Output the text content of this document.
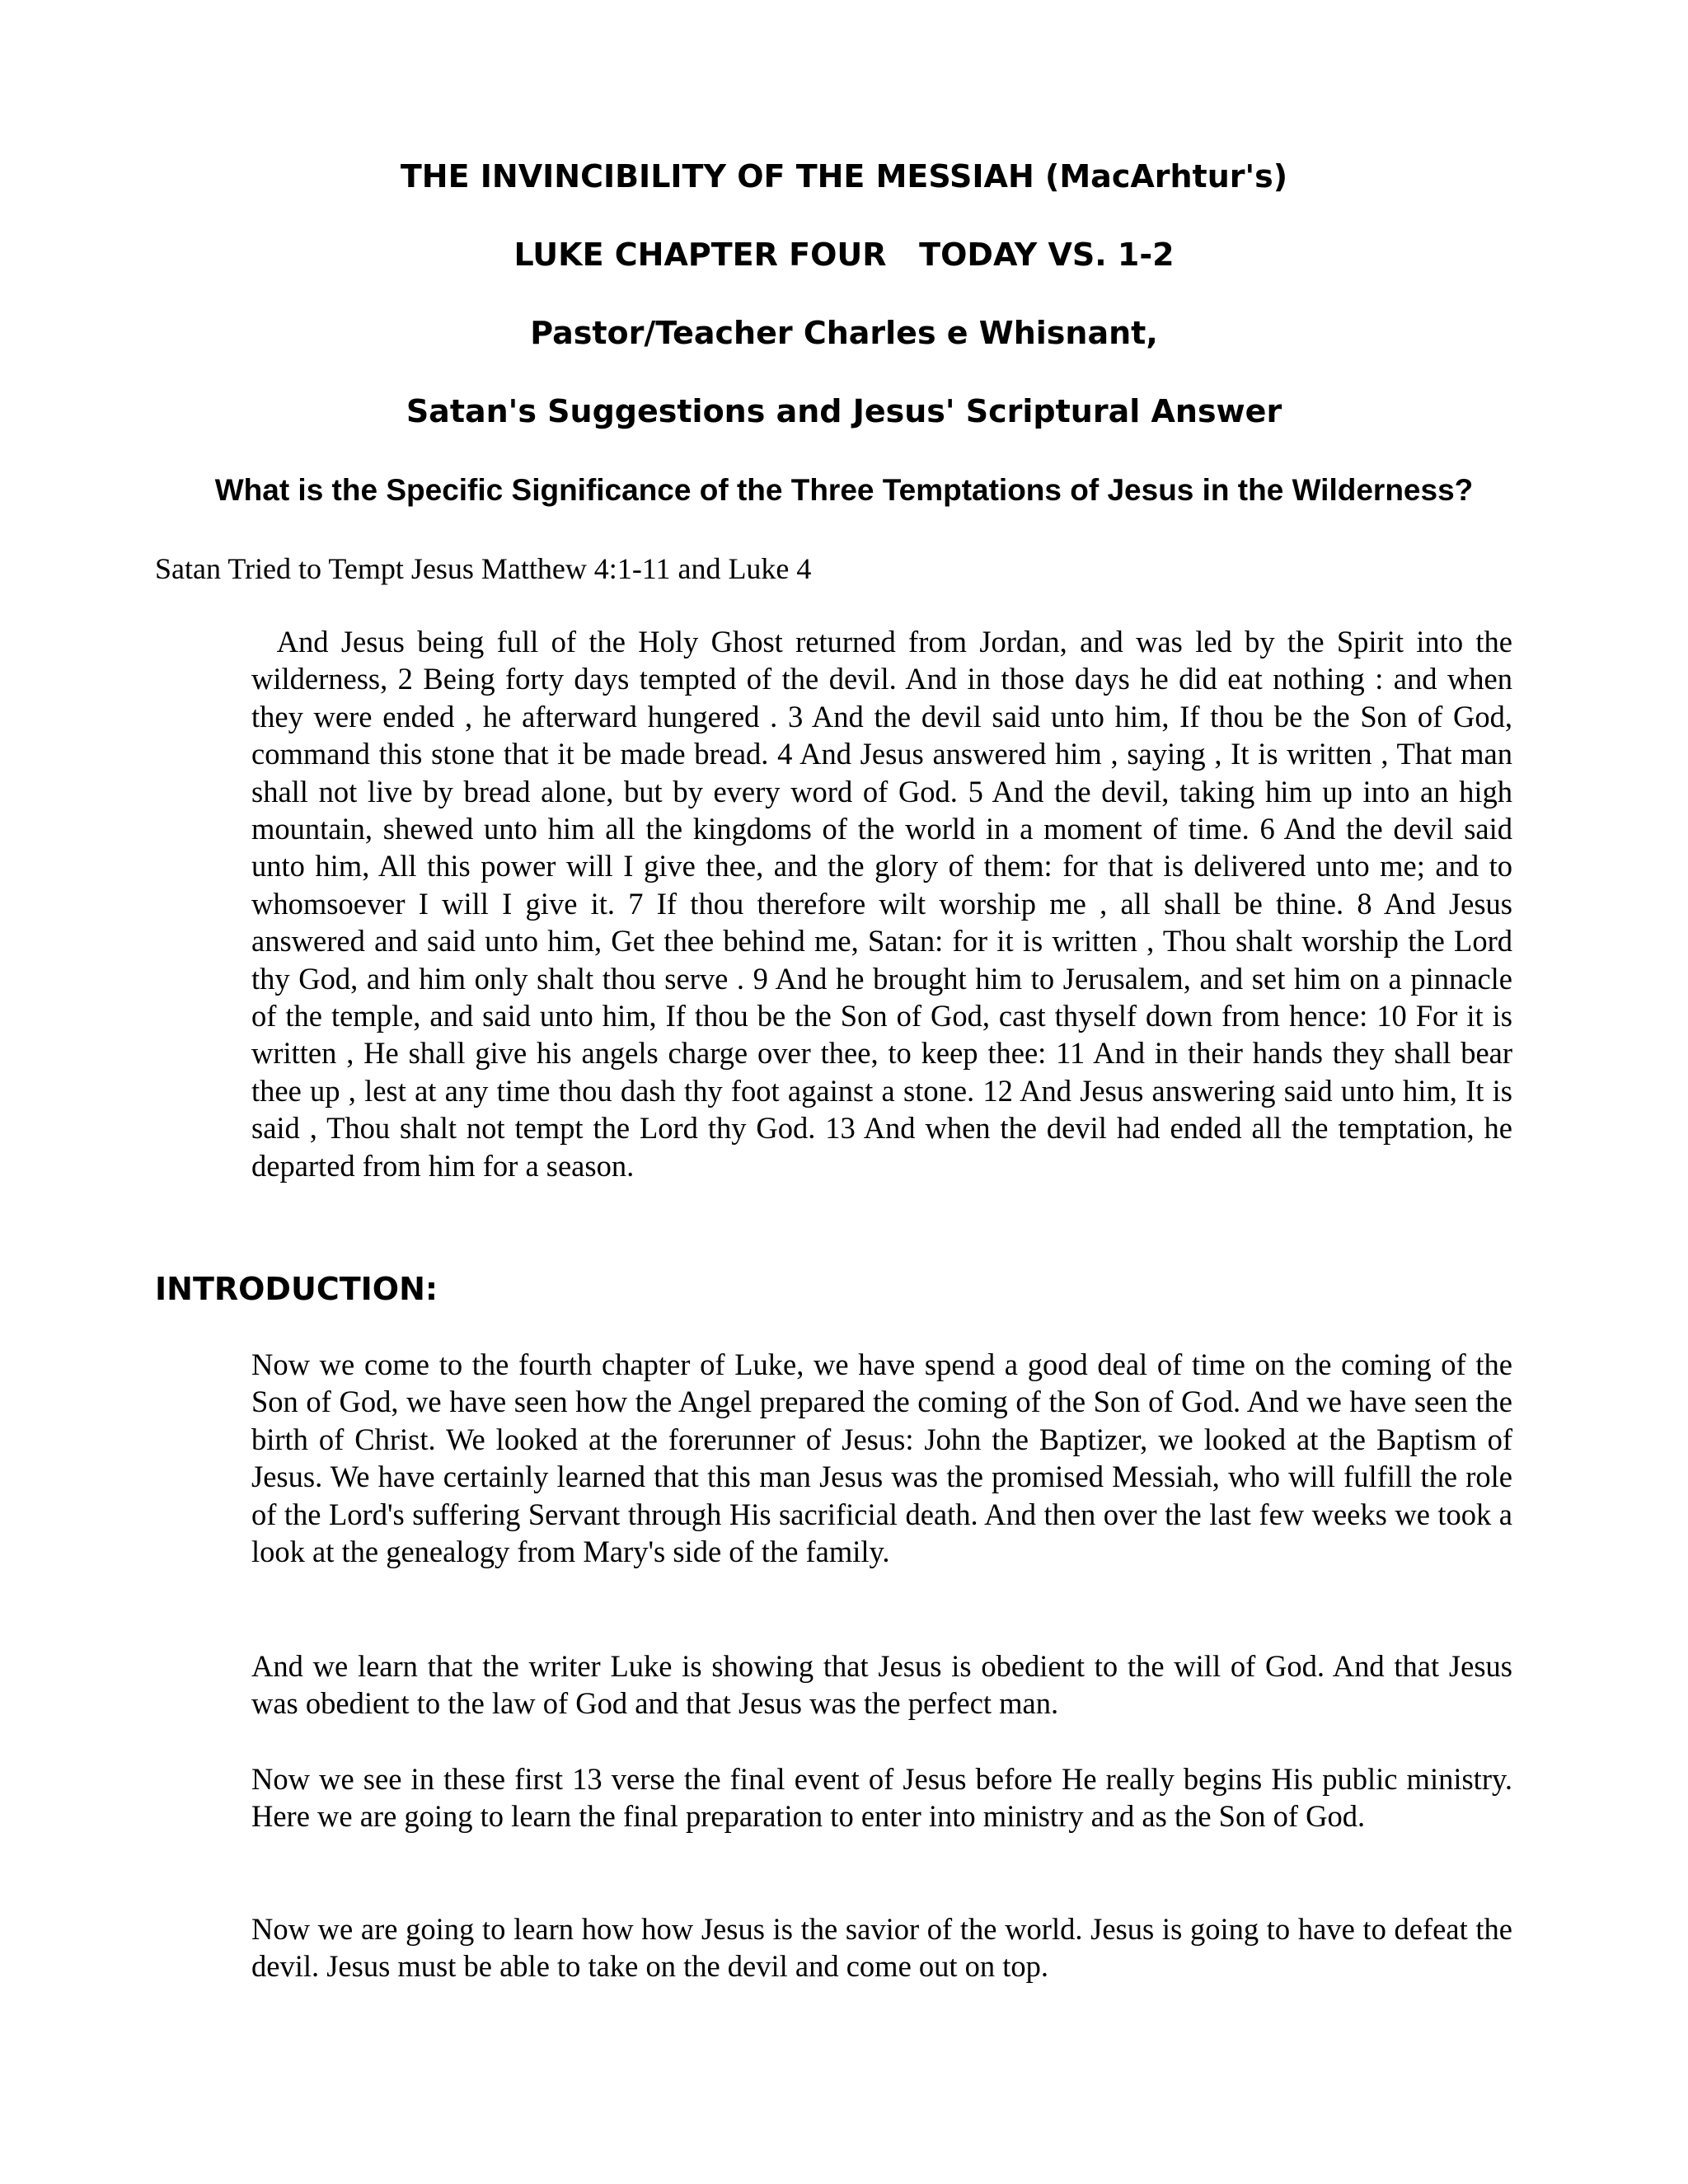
THE INVINCIBILITY OF THE MESSIAH (MacArhtur's)
LUKE CHAPTER FOUR   TODAY VS. 1-2
Pastor/Teacher Charles e Whisnant,
Satan's Suggestions and Jesus' Scriptural Answer
What is the Specific Significance of the Three Temptations of Jesus in the Wilderness?
Satan Tried to Tempt Jesus Matthew 4:1-11 and Luke 4

And Jesus being full of the Holy Ghost returned from Jordan, and was led by the Spirit into the wilderness, 2 Being forty days tempted of the devil. And in those days he did eat nothing : and when they were ended , he afterward hungered . 3 And the devil said unto him, If thou be the Son of God, command this stone that it be made bread. 4 And Jesus answered him , saying , It is written , That man shall not live by bread alone, but by every word of God. 5 And the devil, taking him up into an high mountain, shewed unto him all the kingdoms of the world in a moment of time. 6 And the devil said unto him, All this power will I give thee, and the glory of them: for that is delivered unto me; and to whomsoever I will I give it. 7 If thou therefore wilt worship me , all shall be thine. 8 And Jesus answered and said unto him, Get thee behind me, Satan: for it is written , Thou shalt worship the Lord thy God, and him only shalt thou serve . 9 And he brought him to Jerusalem, and set him on a pinnacle of the temple, and said unto him, If thou be the Son of God, cast thyself down from hence: 10 For it is written , He shall give his angels charge over thee, to keep thee: 11 And in their hands they shall bear thee up , lest at any time thou dash thy foot against a stone. 12 And Jesus answering said unto him, It is said , Thou shalt not tempt the Lord thy God. 13 And when the devil had ended all the temptation, he departed from him for a season.

INTRODUCTION:

Now we come to the fourth chapter of Luke, we have spend a good deal of time on the coming of the Son of God, we have seen how the Angel prepared the coming of the Son of God. And we have seen the birth of Christ. We looked at the forerunner of Jesus: John the Baptizer, we looked at the Baptism of Jesus. We have certainly learned that this man Jesus was the promised Messiah, who will fulfill the role of the Lord's suffering Servant through His sacrificial death. And then over the last few weeks we took a look at the genealogy from Mary's side of the family.

And we learn that the writer Luke is showing that Jesus is obedient to the will of God. And that Jesus was obedient to the law of God and that Jesus was the perfect man.

Now we see in these first 13 verse the final event of Jesus before He really begins His public ministry. Here we are going to learn the final preparation to enter into ministry and as the Son of God.

Now we are going to learn how how Jesus is the savior of the world. Jesus is going to have to defeat the devil. Jesus must be able to take on the devil and come out on top.
